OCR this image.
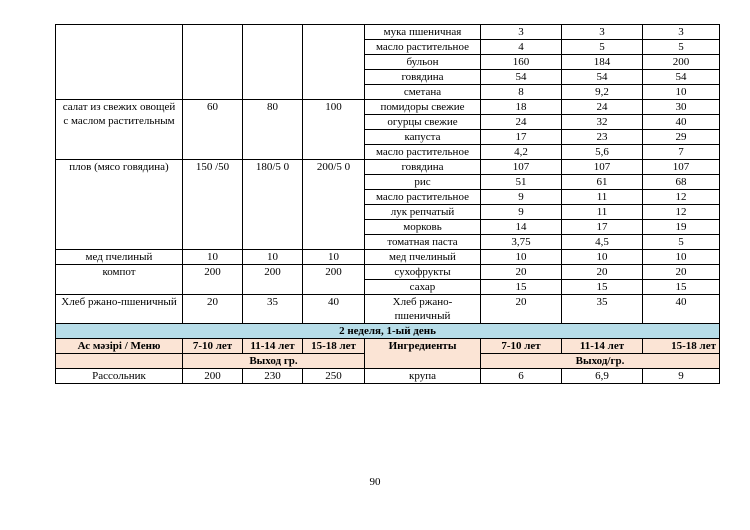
				мука пшеничная	3	3	3
				масло растительное	4	5	5
				бульон	160	184	200
				говядина	54	54	54
				сметана	8	9,2	10
салат из свежих овощей с маслом растительным	60	80	100	помидоры свежие	18	24	30
				огурцы свежие	24	32	40
				капуста	17	23	29
				масло растительное	4,2	5,6	7
плов (мясо говядина)	150 /50	180/5 0	200/5 0	говядина	107	107	107
				рис	51	61	68
				масло растительное	9	11	12
				лук репчатый	9	11	12
				морковь	14	17	19
				томатная паста	3,75	4,5	5
мед пчелиный	10	10	10	мед пчелиный	10	10	10
компот	200	200	200	сухофрукты	20	20	20
				сахар	15	15	15
Хлеб ржано-пшеничный	20	35	40	Хлеб ржано-пшеничный	20	35	40
2 неделя, 1-ый день							
Ас мәзірі / Меню	7-10 лет	11-14 лет	15-18 лет	Ингредиенты	7-10 лет	11-14 лет	15-18 лет
	Выход гр.				Выход/гр.		
Рассольник	200	230	250	крупа	6	6,9	9
90
